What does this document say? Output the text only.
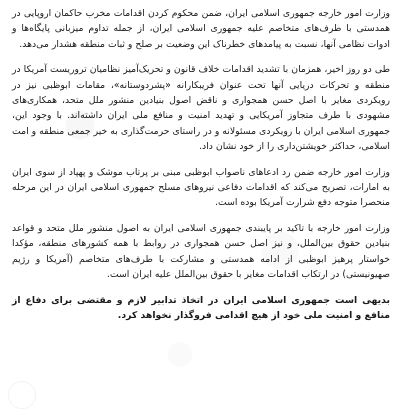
وزارت امور خارجه جمهوری اسلامی ایران، ضمن محکوم کردن اقدامات مخرب حاکمان اروپایی در همدستی با طرف‌های متخاصم علیه جمهوری اسلامی ایران، از جمله تداوم میزبانی پایگاه‌ها و ادوات نظامی آنها، نسبت به پیامدهای خطرناک این وضعیت بر صلح و ثبات منطقه هشدار می‌دهد.

طی دو روز اخیر، همزمان با تشدید اقدامات خلاف قانون و تحریک‌آمیز نظامیان تروریست آمریکا در منطقه و تحرکات دریایی آنها تحت عنوان فریبکارانه «پشردوستانه»، مقامات ابوظبی نیز در رویکردی مغایر با اصل حسن همجواری و ناقض اصول بنیادین منشور ملل متحد، همکاری‌های مشهودی با طرف متجاوز آمریکایی و تهدید امنیت و منافع ملی ایران داشته‌اند. با وجود این، جمهوری اسلامی ایران با رویکردی مسئولانه و در راستای حرمت‌گذاری به خیر جمعی منطقه و امت اسلامی، حداکثر خویشتن‌داری را از خود نشان داد.

وزارت امور خارجه ضمن رد ادعاهای ناصواب ابوظبی مبنی بر پرتاب موشک و پهپاد از سوی ایران به امارات، تصریح می‌کند که اقدامات دفاعی نیروهای مسلح جمهوری اسلامی ایران در این مرحله منحصرا متوجه دفع شرارت آمریکا بوده است.

وزارت امور خارجه با تاکید بر پایبندی جمهوری اسلامی ایران به اصول منشور ملل متحد و قواعد بنیادین حقوق بین‌الملل، و نیز اصل حسن همجواری در روابط با همه کشورهای منطقه، مؤکدا خواستار پرهیز ابوظبی از ادامه همدستی و مشارکت با طرف‌های متخاصم (آمریکا و رژیم صهیونیستی) در ارتکاب اقدامات مغایر با حقوق بین‌الملل علیه ایران است.

بدیهی است جمهوری اسلامی ایران در اتخاذ تدابیر لازم و مقتضی برای دفاع از منافع و امنیت ملی خود از هیچ اقدامی فروگذار نخواهد کرد.
